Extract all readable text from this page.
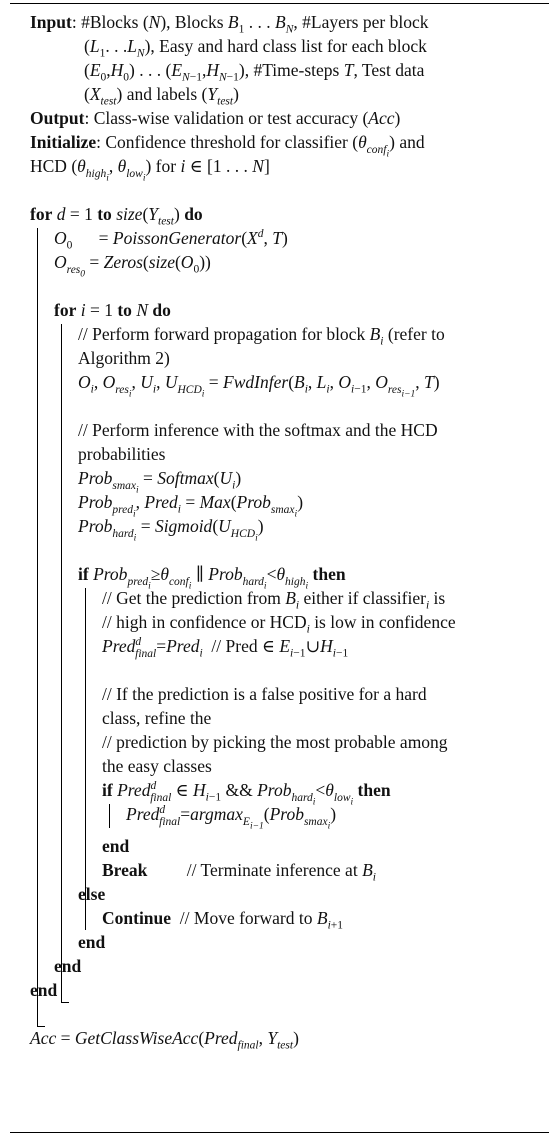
Input: #Blocks (N), Blocks $B_1$ . . . $B_N$, #Layers per block
($L_1$. . $.L_N$), Easy and hard class list for each block
$(E_0,H_0)$ . . . $(E_{N-1},H_{N-1})$, #Time-steps T, Test data
$(X_{test})$ and labels $(Y_{test})$
Output: Class-wise validation or test accuracy (Acc)
Initialize: Confidence threshold for classifier $(\theta_{conf_i})$ and
HCD ($\theta_{high_i}$, $\theta_{low_i}$) for i ∈ [1 . . . N]
for d = 1 to $size(Y_{test})$ do
$O_0$      = $PoissonGenerator(X^d$, T)
$O_{res_0}$ = $Zeros(size(O_0))$
for i = 1 to N do
// Perform forward propagation for block $B_i$ (refer to
Algorithm 2)
$O_i$, $O_{res_i}$, $U_i$, $U_{HCD_i}$ = $FwdInfer(B_i$, $L_i$, $O_{i-1}$, $O_{res_{i-1}}$, T)
// Perform inference with the softmax and the HCD
probabilities
Prob$_{smax_i}$ = $Softmax(U_i)$
Prob$_{pred_i}$, Pred$_i$ = Max(Prob$_{smax_i}$)
Prob$_{hard_i}$ = $Sigmoid(U_{HCD_i})$
if $Prob_{pred_i}\ge\theta_{conf_i}$ ∥ $Prob_{hard_i}<\theta_{high_i}$ then
// Get the prediction from $B_i$ either if classifier$_i$ is
// high in confidence or $HCD_i$ is low in confidence
Pred$^d_{final}$=Pred$_i$  // Pred ∈ $E_{i-1}\cup H_{i-1}$
// If the prediction is a false positive for a hard
class, refine the
// prediction by picking the most probable among
the easy classes
if Pred$^d_{final}$ ∈ $H_{i-1}$ && $Prob_{hard_i}<\theta_{low_i}$ then
Pred$^d_{final}$=argmax$_{E_{i-1}}$(Prob$_{smax_i}$)
end
Break // Terminate inference at $B_i$
else
Continue // Move forward to $B_{i+1}$
end
end
end
Acc = GetClassWiseAcc(Pred$_{final}$, $Y_{test}$)
